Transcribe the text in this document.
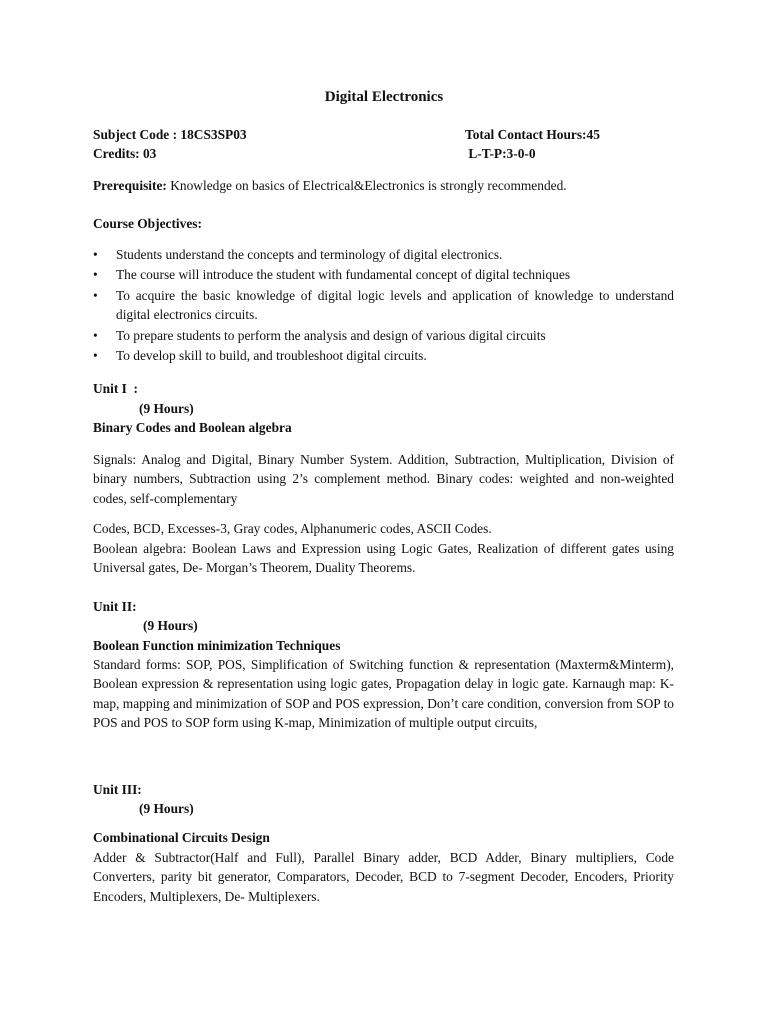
Digital Electronics
Subject Code : 18CS3SP03	Total Contact Hours:45
Credits: 03	L-T-P:3-0-0

Prerequisite: Knowledge on basics of Electrical&Electronics is strongly recommended.

Course Objectives:

• Students understand the concepts and terminology of digital electronics.
• The course will introduce the student with fundamental concept of digital techniques
• To acquire the basic knowledge of digital logic levels and application of knowledge to understand digital electronics circuits.
• To prepare students to perform the analysis and design of various digital circuits
• To develop skill to build, and troubleshoot digital circuits.

Unit I  :

(9 Hours)

Binary Codes and Boolean algebra

Signals: Analog and Digital, Binary Number System. Addition, Subtraction, Multiplication, Division of binary numbers, Subtraction using 2’s complement method. Binary codes: weighted and non-weighted codes, self-complementary

Codes, BCD, Excesses-3, Gray codes, Alphanumeric codes, ASCII Codes.

Boolean algebra: Boolean Laws and Expression using Logic Gates, Realization of different gates using Universal gates, De- Morgan’s Theorem, Duality Theorems.

Unit II:

(9 Hours)

Boolean Function minimization Techniques

Standard forms: SOP, POS, Simplification of Switching function & representation (Maxterm&Minterm), Boolean expression & representation using logic gates, Propagation delay in logic gate. Karnaugh map: K-map, mapping and minimization of SOP and POS expression, Don’t care condition, conversion from SOP to POS and POS to SOP form using K-map, Minimization of multiple output circuits,

Unit III:

(9 Hours)

Combinational Circuits Design

Adder & Subtractor(Half and Full), Parallel Binary adder, BCD Adder, Binary multipliers, Code Converters, parity bit generator, Comparators, Decoder, BCD to 7-segment Decoder, Encoders, Priority Encoders, Multiplexers, De- Multiplexers.
